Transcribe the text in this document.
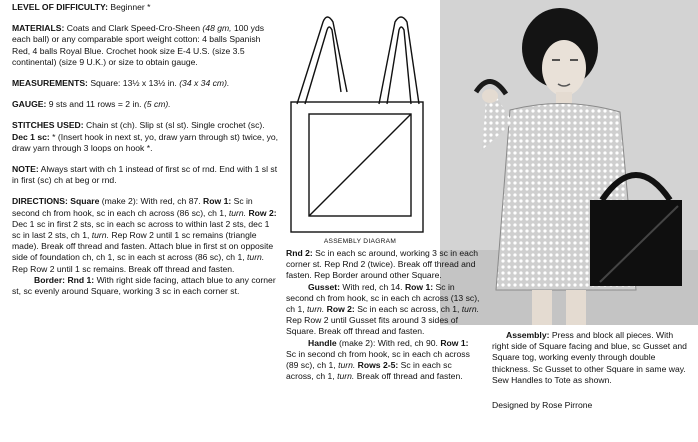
LEVEL OF DIFFICULTY: Beginner *

MATERIALS: Coats and Clark Speed-Cro-Sheen (48 gm, 100 yds each ball) or any comparable sport weight cotton: 4 balls Spanish Red, 4 balls Royal Blue. Crochet hook size E-4 U.S. (size 3.5 continental) (size 9 U.K.) or size to obtain gauge.

MEASUREMENTS: Square: 13½ x 13½ in. (34 x 34 cm).

GAUGE: 9 sts and 11 rows = 2 in. (5 cm).

STITCHES USED: Chain st (ch). Slip st (sl st). Single crochet (sc). Dec 1 sc: * (Insert hook in next st, yo, draw yarn through st) twice, yo, draw yarn through 3 loops on hook *.

NOTE: Always start with ch 1 instead of first sc of rnd. End with 1 sl st in first (sc) ch at beg or rnd.

DIRECTIONS: Square (make 2): With red, ch 87. Row 1: Sc in second ch from hook, sc in each ch across (86 sc), ch 1, turn. Row 2: Dec 1 sc in first 2 sts, sc in each sc across to within last 2 sts, dec 1 sc in last 2 sts, ch 1, turn. Rep Row 2 until 1 sc remains (triangle made). Break off thread and fasten. Attach blue in first st on opposite side of foundation ch, ch 1, sc in each st across (86 sc), ch 1, turn. Rep Row 2 until 1 sc remains. Break off thread and fasten.

Border: Rnd 1: With right side facing, attach blue to any corner st, sc evenly around Square, working 3 sc in each corner st.

ASSEMBLY DIAGRAM

Rnd 2: Sc in each sc around, working 3 sc in each corner st. Rep Rnd 2 (twice). Break off thread and fasten. Rep Border around other Square.

Gusset: With red, ch 14. Row 1: Sc in second ch from hook, sc in each ch across (13 sc), ch 1, turn. Row 2: Sc in each sc across, ch 1, turn. Rep Row 2 until Gusset fits around 3 sides of Square. Break off thread and fasten.

Handle (make 2): With red, ch 90. Row 1: Sc in second ch from hook, sc in each ch across (89 sc), ch 1, turn. Rows 2-5: Sc in each sc across, ch 1, turn. Break off thread and fasten.

Assembly: Press and block all pieces. With right side of Square facing and blue, sc Gusset and Square tog, working evenly through double thickness. Sc Gusset to other Square in same way. Sew Handles to Tote as shown.

Designed by Rose Pirrone
